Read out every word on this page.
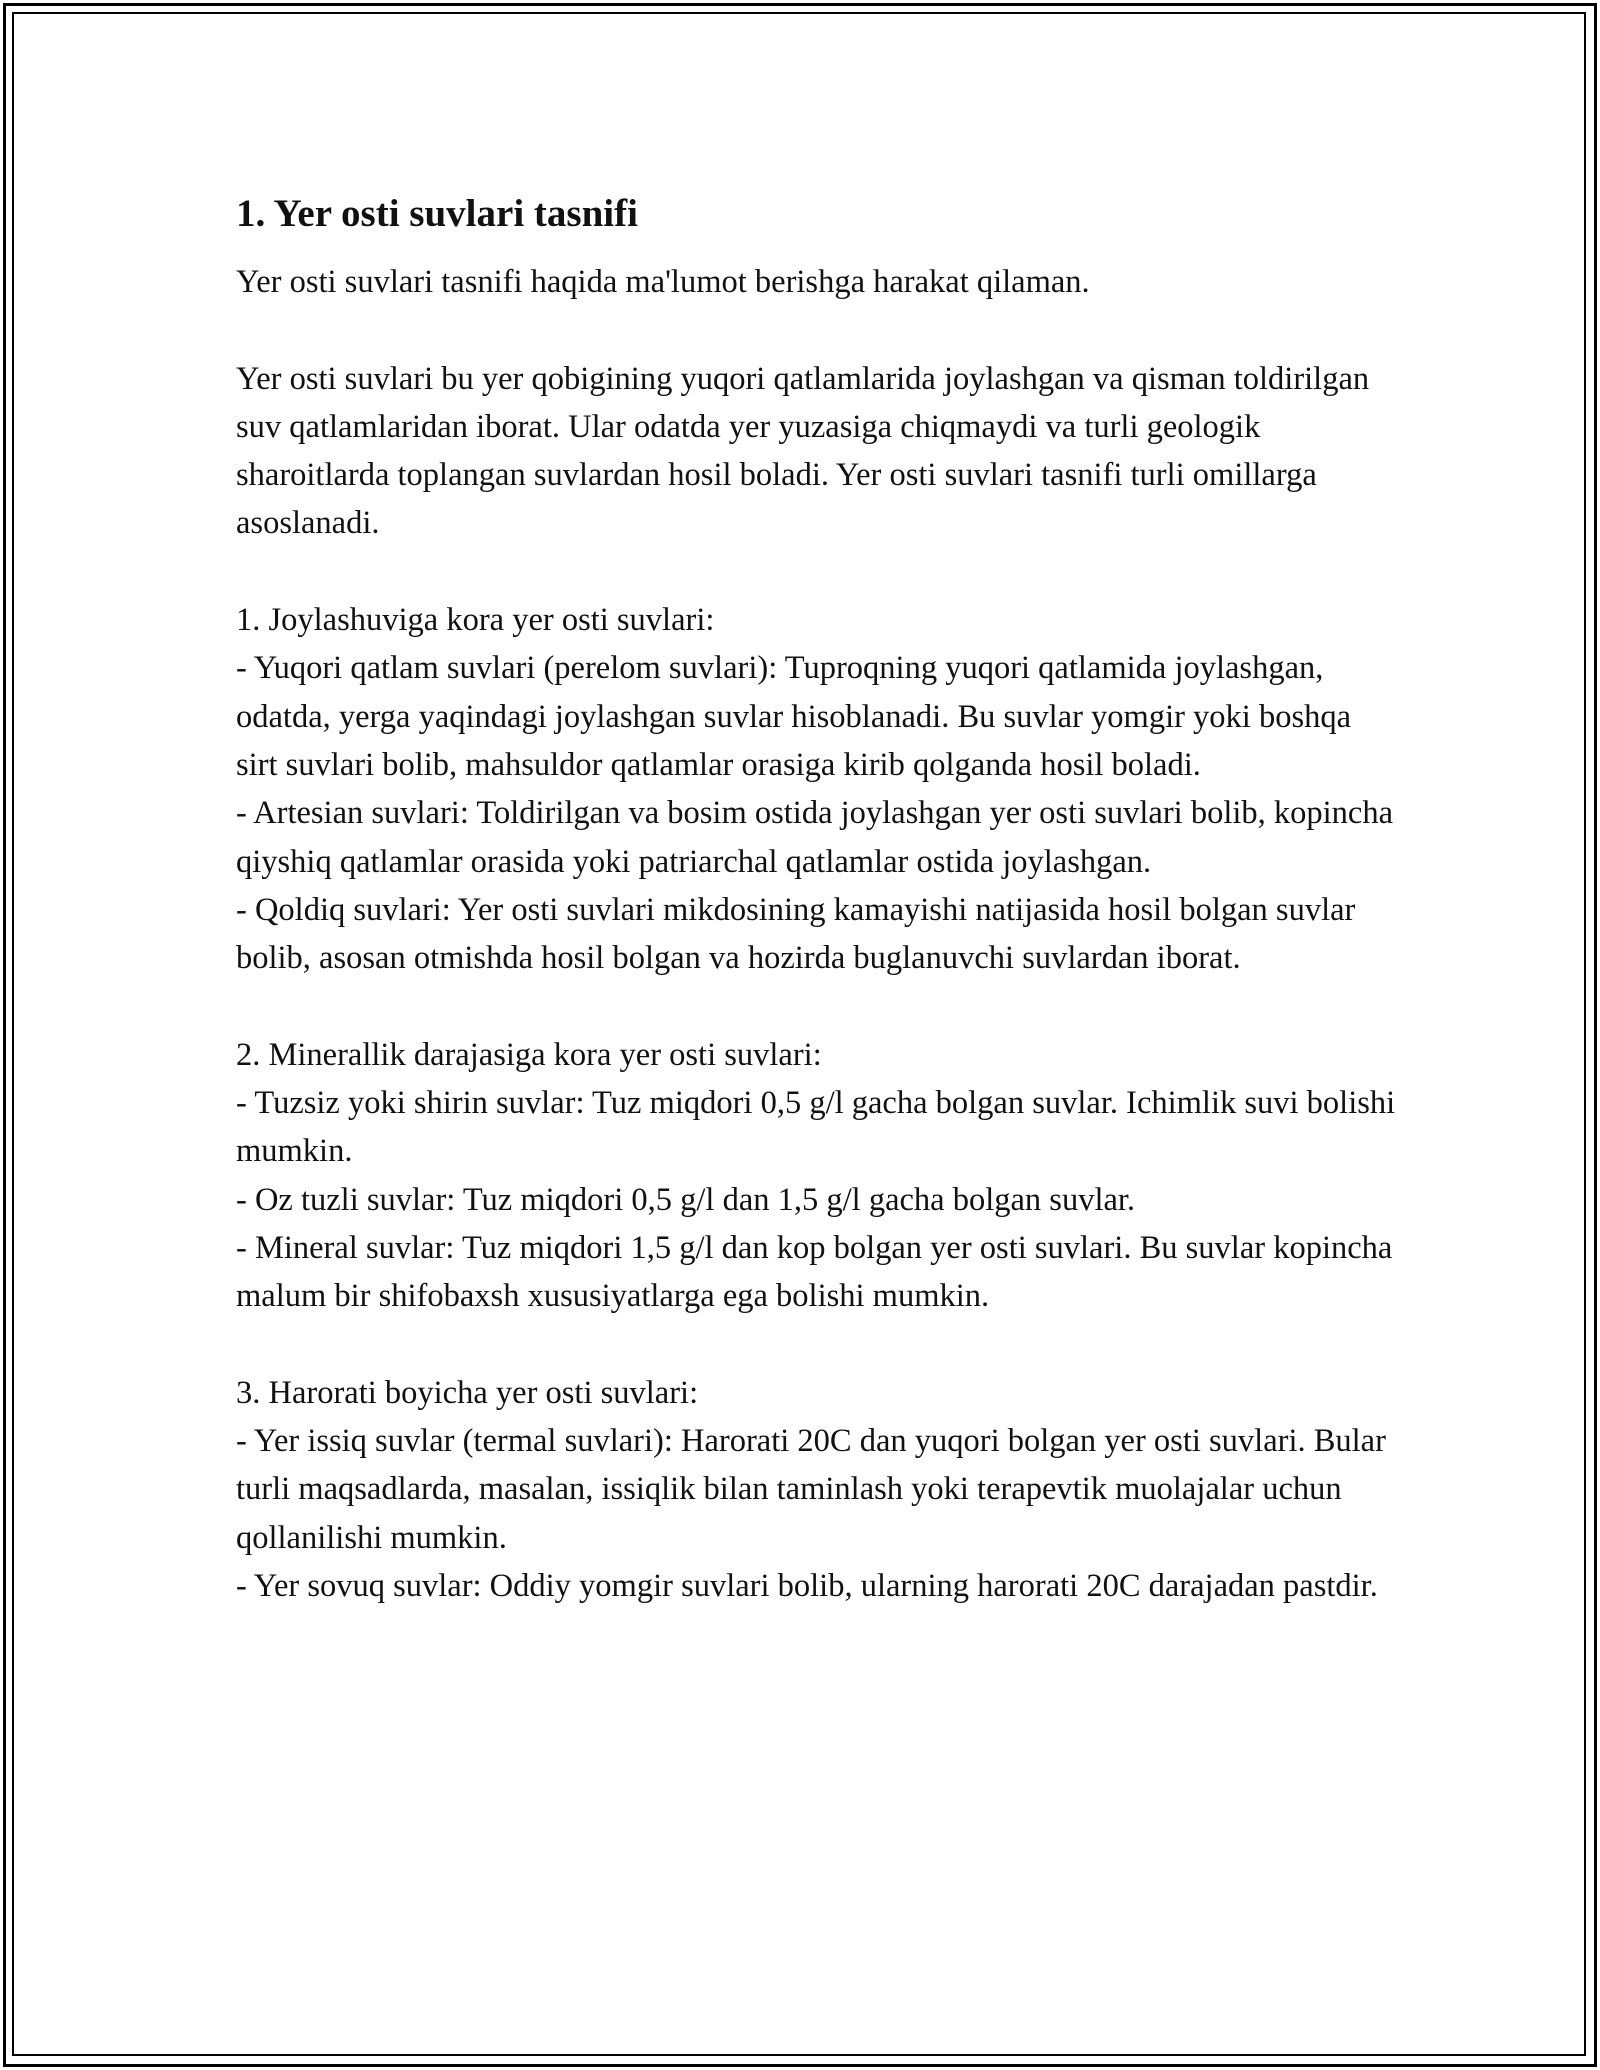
1. Yer osti suvlari tasnifi

Yer osti suvlari tasnifi haqida ma'lumot berishga harakat qilaman.

Yer osti suvlari bu yer qobigining yuqori qatlamlarida joylashgan va qisman toldirilgan suv qatlamlaridan iborat. Ular odatda yer yuzasiga chiqmaydi va turli geologik sharoitlarda toplangan suvlardan hosil boladi. Yer osti suvlari tasnifi turli omillarga asoslanadi.

1. Joylashuviga kora yer osti suvlari:

- Yuqori qatlam suvlari (perelom suvlari): Tuproqning yuqori qatlamida joylashgan, odatda, yerga yaqindagi joylashgan suvlar hisoblanadi. Bu suvlar yomgir yoki boshqa sirt suvlari bolib, mahsuldor qatlamlar orasiga kirib qolganda hosil boladi.

- Artesian suvlari: Toldirilgan va bosim ostida joylashgan yer osti suvlari bolib, kopincha qiyshiq qatlamlar orasida yoki patriarchal qatlamlar ostida joylashgan.

- Qoldiq suvlari: Yer osti suvlari mikdosining kamayishi natijasida hosil bolgan suvlar bolib, asosan otmishda hosil bolgan va hozirda buglanuvchi suvlardan iborat.

2. Minerallik darajasiga kora yer osti suvlari:

- Tuzsiz yoki shirin suvlar: Tuz miqdori 0,5 g/l gacha bolgan suvlar. Ichimlik suvi bolishi mumkin.

- Oz tuzli suvlar: Tuz miqdori 0,5 g/l dan 1,5 g/l gacha bolgan suvlar.

- Mineral suvlar: Tuz miqdori 1,5 g/l dan kop bolgan yer osti suvlari. Bu suvlar kopincha malum bir shifobaxsh xususiyatlarga ega bolishi mumkin.

3. Harorati boyicha yer osti suvlari:

- Yer issiq suvlar (termal suvlari): Harorati 20C dan yuqori bolgan yer osti suvlari. Bular turli maqsadlarda, masalan, issiqlik bilan taminlash yoki terapevtik muolajalar uchun qollanilishi mumkin.

- Yer sovuq suvlar: Oddiy yomgir suvlari bolib, ularning harorati 20C darajadan pastdir.
